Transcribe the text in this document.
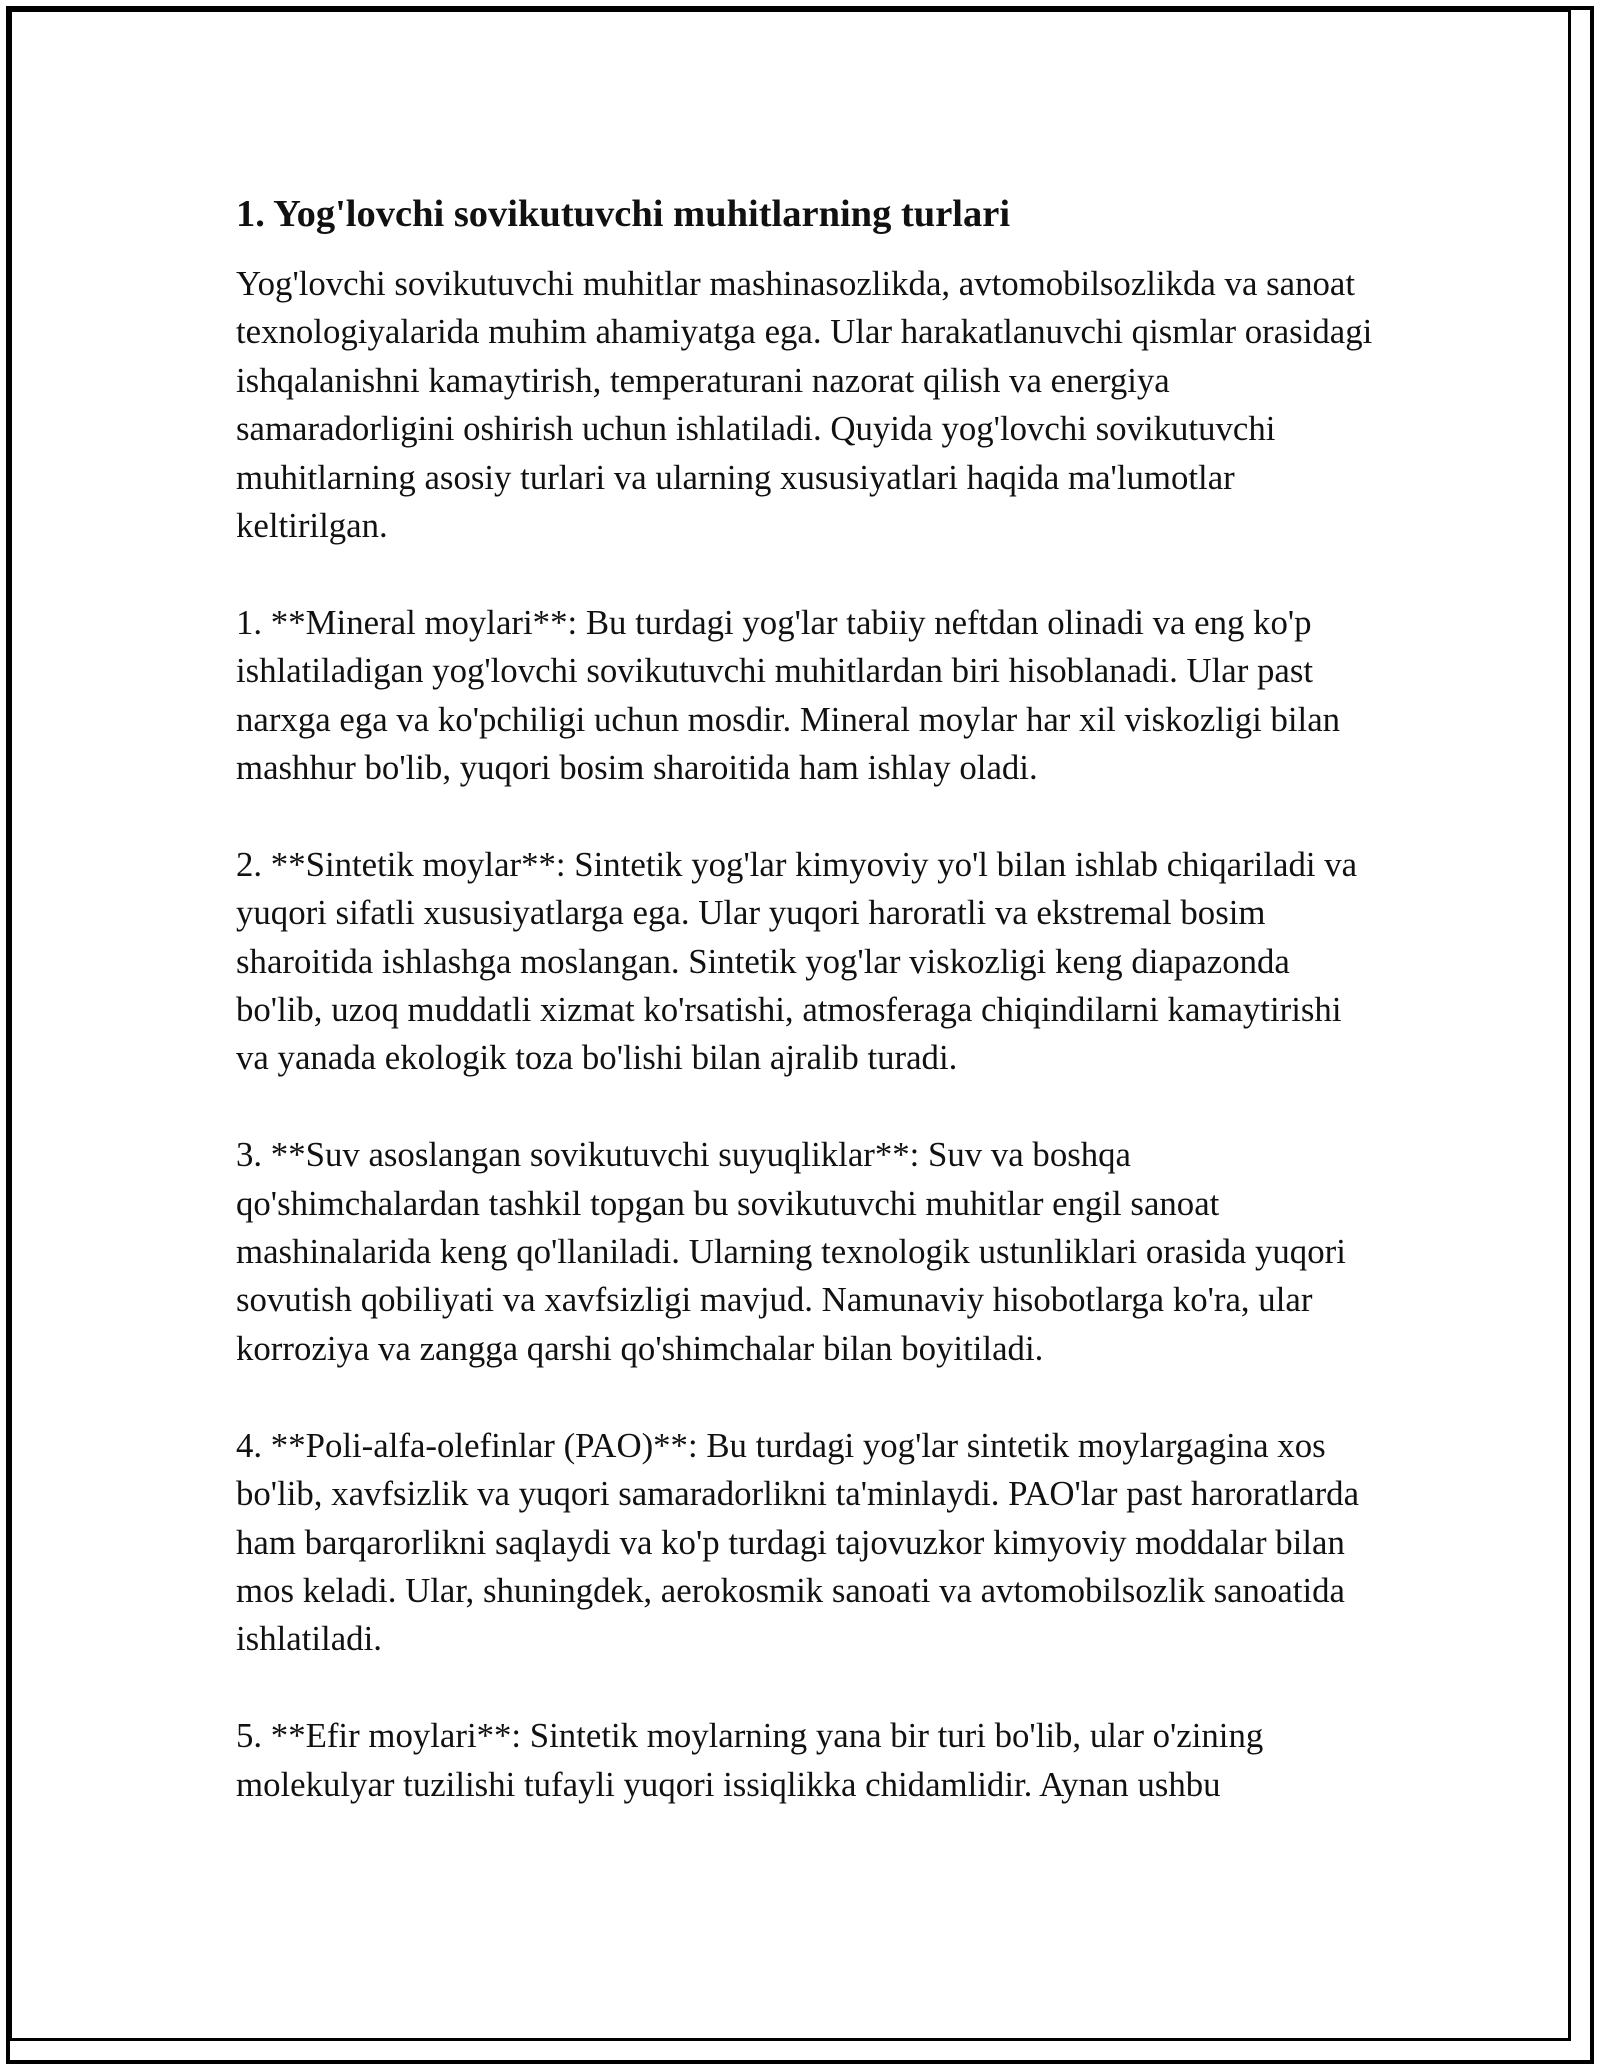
1. Yog'lovchi sovikutuvchi muhitlarning turlari

Yog'lovchi sovikutuvchi muhitlar mashinasozlikda, avtomobilsozlikda va sanoat texnologiyalarida muhim ahamiyatga ega. Ular harakatlanuvchi qismlar orasidagi ishqalanishni kamaytirish, temperaturani nazorat qilish va energiya samaradorligini oshirish uchun ishlatiladi. Quyida yog'lovchi sovikutuvchi muhitlarning asosiy turlari va ularning xususiyatlari haqida ma'lumotlar keltirilgan.

1. **Mineral moylari**: Bu turdagi yog'lar tabiiy neftdan olinadi va eng ko'p ishlatiladigan yog'lovchi sovikutuvchi muhitlardan biri hisoblanadi. Ular past narxga ega va ko'pchiligi uchun mosdir. Mineral moylar har xil viskozligi bilan mashhur bo'lib, yuqori bosim sharoitida ham ishlay oladi.

2. **Sintetik moylar**: Sintetik yog'lar kimyoviy yo'l bilan ishlab chiqariladi va yuqori sifatli xususiyatlarga ega. Ular yuqori haroratli va ekstremal bosim sharoitida ishlashga moslangan. Sintetik yog'lar viskozligi keng diapazonda bo'lib, uzoq muddatli xizmat ko'rsatishi, atmosferaga chiqindilarni kamaytirishi va yanada ekologik toza bo'lishi bilan ajralib turadi.

3. **Suv asoslangan sovikutuvchi suyuqliklar**: Suv va boshqa qo'shimchalardan tashkil topgan bu sovikutuvchi muhitlar engil sanoat mashinalarida keng qo'llaniladi. Ularning texnologik ustunliklari orasida yuqori sovutish qobiliyati va xavfsizligi mavjud. Namunaviy hisobotlarga ko'ra, ular korroziya va zangga qarshi qo'shimchalar bilan boyitiladi.

4. **Poli-alfa-olefinlar (PAO)**: Bu turdagi yog'lar sintetik moylargagina xos bo'lib, xavfsizlik va yuqori samaradorlikni ta'minlaydi. PAO'lar past haroratlarda ham barqarorlikni saqlaydi va ko'p turdagi tajovuzkor kimyoviy moddalar bilan mos keladi. Ular, shuningdek, aerokosmik sanoati va avtomobilsozlik sanoatida ishlatiladi.

5. **Efir moylari**: Sintetik moylarning yana bir turi bo'lib, ular o'zining molekulyar tuzilishi tufayli yuqori issiqlikka chidamlidir. Aynan ushbu
